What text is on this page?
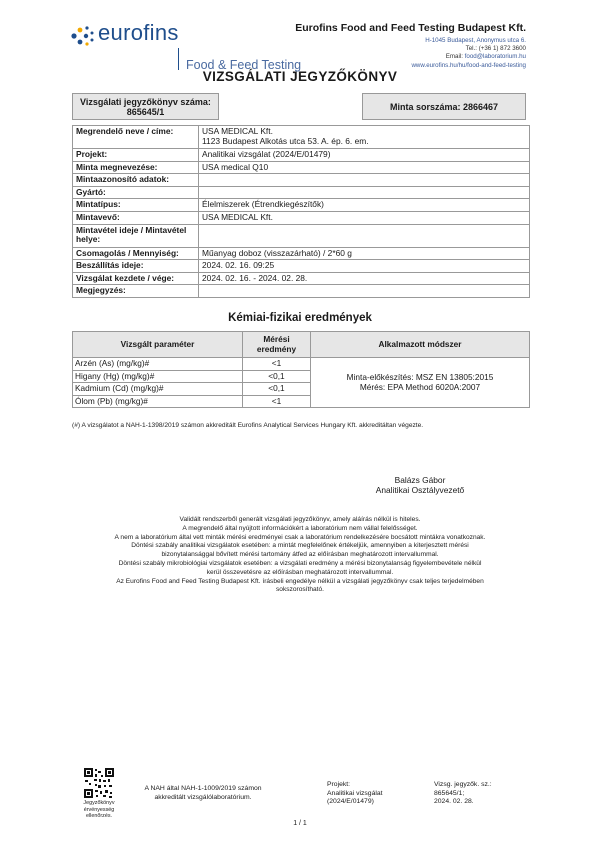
eurofins
Food & Feed Testing
Eurofins Food and Feed Testing Budapest Kft.
H-1045 Budapest, Anonymus utca 6.
Tel.: (+36 1) 872 3600
Email: food@laboratorium.hu
www.eurofins.hu/hu/food-and-feed-testing
VIZSGÁLATI JEGYZŐKÖNYV
Vizsgálati jegyzőkönyv száma:
865645/1	Minta sorszáma: 2866467
Megrendelő neve / címe:	USA MEDICAL Kft.
1123 Budapest Alkotás utca 53. A. ép. 6. em.

Projekt:	Analitikai vizsgálat (2024/E/01479)
Minta megnevezése:	USA medical Q10
Mintaazonosító adatok:	
Gyártó:	
Mintatípus:	Élelmiszerek (Étrendkiegészítők)
Mintavevő:	USA MEDICAL Kft.
Mintavétel ideje / Mintavétel helye:	
Csomagolás / Mennyiség:	Műanyag doboz (visszazárható) / 2*60 g
Beszállítás ideje:	2024. 02. 16. 09:25
Vizsgálat kezdete / vége:	2024. 02. 16. - 2024. 02. 28.
Megjegyzés:	
Kémiai-fizikai eredmények
Vizsgált paraméter	Mérési eredmény	Alkalmazott módszer
Arzén (As) (mg/kg)#	<1	Minta-előkészítés: MSZ EN 13805:2015
Mérés: EPA Method 6020A:2007

Higany (Hg) (mg/kg)#	<0,1	
Kadmium (Cd) (mg/kg)#	<0,1	
Ólom (Pb) (mg/kg)#	<1	
(#) A vizsgálatot a NAH-1-1398/2019 számon akkreditált Eurofins Analytical Services Hungary Kft. akkreditáltan végezte.
Balázs Gábor
Analitikai Osztályvezető
Validált rendszerből generált vizsgálati jegyzőkönyv, amely aláírás nélkül is hiteles.
A megrendelő által nyújtott információkért a laboratórium nem vállal felelősséget.
A nem a laboratórium által vett minták mérési eredményei csak a laboratórium rendelkezésére bocsátott mintákra vonatkoznak.
Döntési szabály analitikai vizsgálatok esetében: a mintát megfelelőnek értékeljük, amennyiben a kiterjesztett mérési
bizonytalansággal bővített mérési tartomány átfed az előírásban meghatározott intervallummal.
Döntési szabály mikrobiológiai vizsgálatok esetében: a vizsgálati eredmény a mérési bizonytalanság figyelembevétele nélkül
kerül összevetésre az előírásban meghatározott intervallummal.
Az Eurofins Food and Feed Testing Budapest Kft. írásbeli engedélye nélkül a vizsgálati jegyzőkönyv csak teljes terjedelmében
sokszorosítható.
Jegyzőkönyv
érvényesség
ellenőrzés.
A NAH által NAH-1-1009/2019 számon
akkreditált vizsgálólaboratórium.
Projekt:
Analitikai vizsgálat
(2024/E/01479)
Vizsg. jegyzők. sz.:
865645/1;
2024. 02. 28.
1 / 1
